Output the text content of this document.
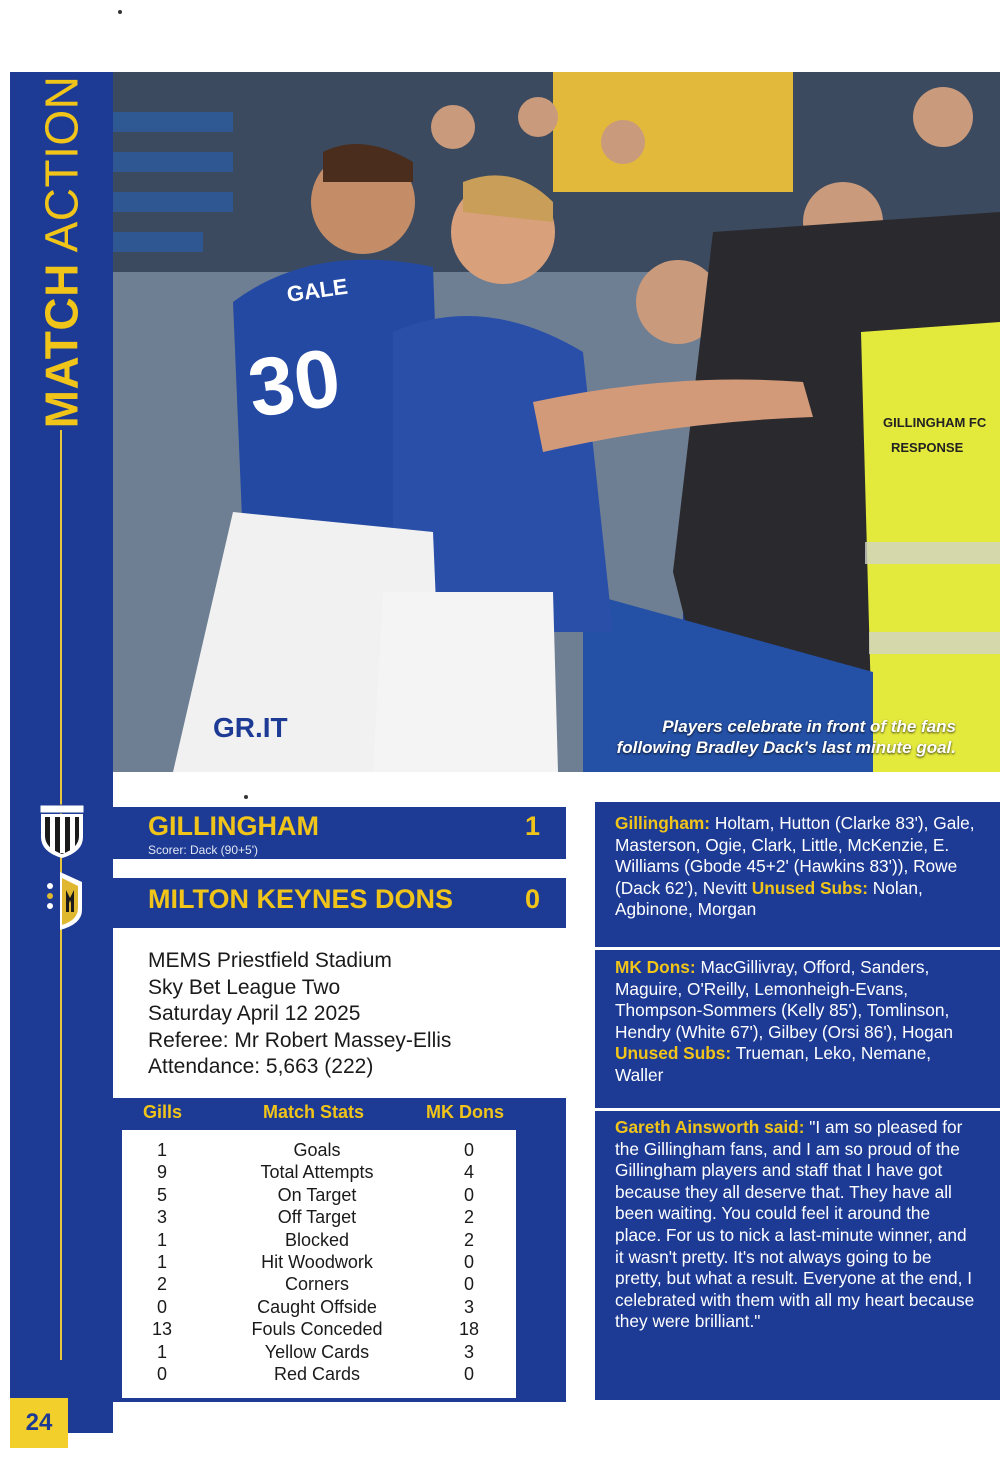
MATCH ACTION
24
GILLINGHAM FC
RESPONSE
30
GALE
GR.IT	Players celebrate in front of the fans
following Bradley Dack's last minute goal.
GILLINGHAM	1
Scorer: Dack (90+5')
MILTON KEYNES DONS	0
MEMS Priestfield Stadium
Sky Bet League Two
Saturday April 12 2025
Referee: Mr Robert Massey-Ellis
Attendance: 5,663 (222)
Gills	Match Stats	MK Dons
1	Goals	0
9	Total Attempts	4
5	On Target	0
3	Off Target	2
1	Blocked	2
1	Hit Woodwork	0
2	Corners	0
0	Caught Offside	3
13	Fouls Conceded	18
1	Yellow Cards	3
0	Red Cards	0
Gillingham: Holtam, Hutton (Clarke 83'), Gale, Masterson, Ogie, Clark, Little, McKenzie, E. Williams (Gbode 45+2' (Hawkins 83')), Rowe (Dack 62'), Nevitt Unused Subs: Nolan, Agbinone, Morgan
MK Dons: MacGillivray, Offord, Sanders, Maguire, O'Reilly, Lemonheigh-Evans, Thompson-Sommers (Kelly 85'), Tomlinson, Hendry (White 67'), Gilbey (Orsi 86'), Hogan Unused Subs: Trueman, Leko, Nemane, Waller
Gareth Ainsworth said: "I am so pleased for the Gillingham fans, and I am so proud of the Gillingham players and staff that I have got because they all deserve that. They have all been waiting. You could feel it around the place. For us to nick a last-minute winner, and it wasn't pretty. It's not always going to be pretty, but what a result. Everyone at the end, I celebrated with them with all my heart because they were brilliant."
